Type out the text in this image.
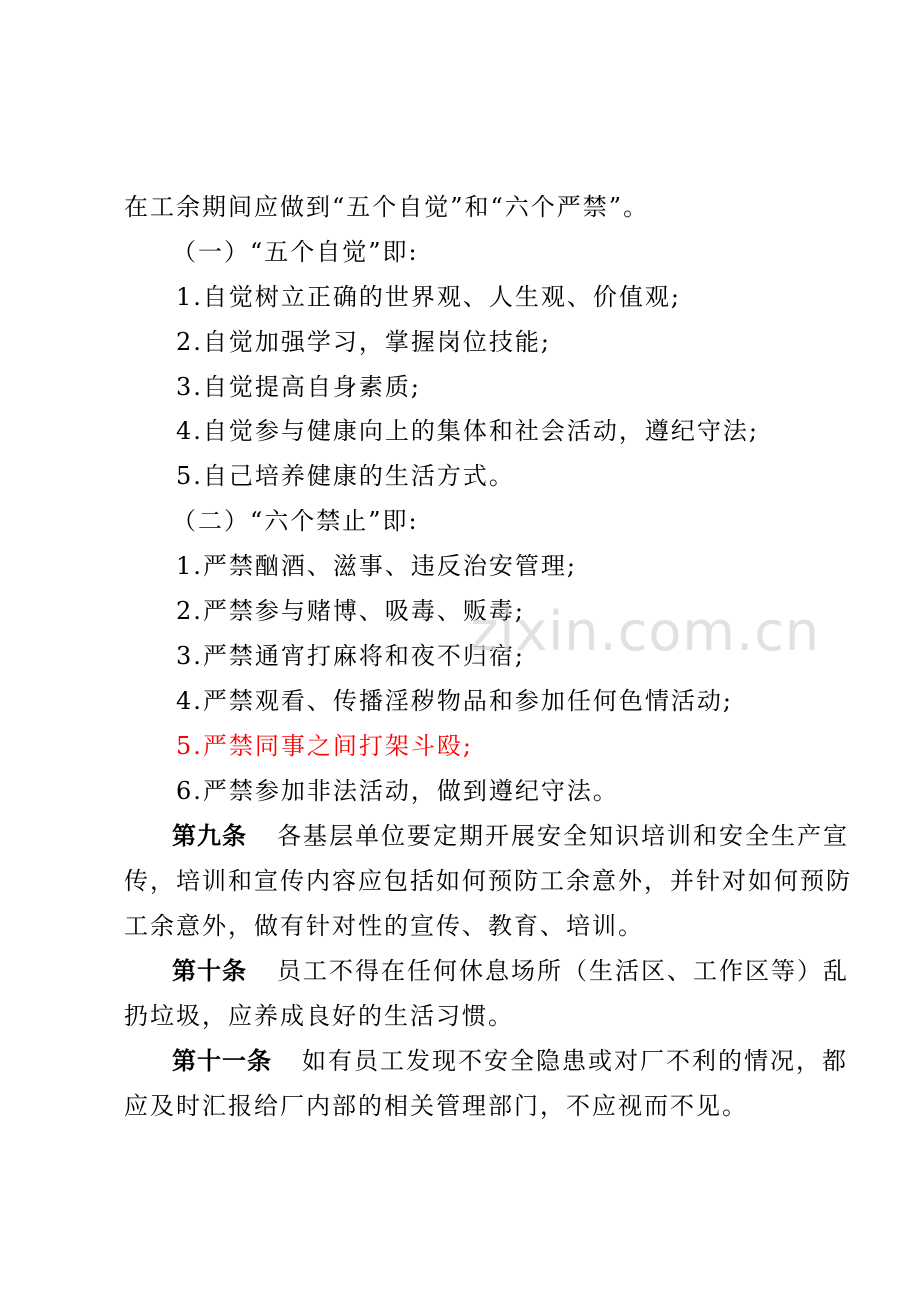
在工余期间应做到“五个自觉”和“六个严禁”。
（一）“五个自觉”即:
1.自觉树立正确的世界观、人生观、价值观;
2.自觉加强学习，掌握岗位技能;
3.自觉提高自身素质;
4.自觉参与健康向上的集体和社会活动，遵纪守法;
5.自己培养健康的生活方式。
（二）“六个禁止”即:
1.严禁酗酒、滋事、违反治安管理;
2.严禁参与赌博、吸毒、贩毒;
3.严禁通宵打麻将和夜不归宿;
4.严禁观看、传播淫秽物品和参加任何色情活动;
5.严禁同事之间打架斗殴;
6.严禁参加非法活动，做到遵纪守法。
第九条 各基层单位要定期开展安全知识培训和安全生产宣
传，培训和宣传内容应包括如何预防工余意外，并针对如何预防
工余意外，做有针对性的宣传、教育、培训。
第十条 员工不得在任何休息场所（生活区、工作区等）乱
扔垃圾，应养成良好的生活习惯。
第十一条 如有员工发现不安全隐患或对厂不利的情况，都
应及时汇报给厂内部的相关管理部门，不应视而不见。
zixin.com.cn
